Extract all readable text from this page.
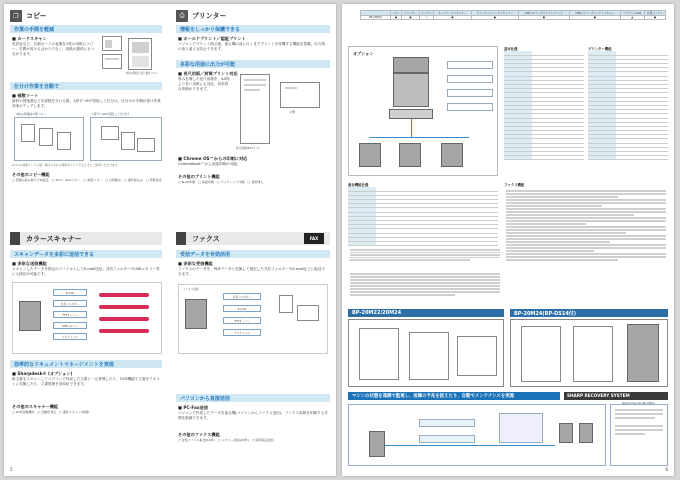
❐	コピー
作業の手間を軽減
■ カードスキャン
免許証など、名刺カードの表裏を1枚の用紙にコピー。手間が省けるばかりでなく、用紙の節約にもつながります。
1枚の用紙に表と裏をコピー
仕分け作業を自動で
■ 部数ソート
資料や提案書などを部数を分ける際、1部ずつ90°回転して仕分け。仕分けの手間が省け作業効率がアップします。
3枚の原稿を3部コピー	1部ずつ90°回転して仕分け
※ 2つの給紙トレイに縦・横それぞれの用紙をセットするときにご使用いただけます。
その他のコピー機能
□ 原稿の読み取り方向設定　□ 2in1・4in1コピー　□ 両面コピー　□ 白紙除去　□ 連続読込み　□ 部数指定
⎙	プリンター
情報をしっかり保護できる
■ ホールドプリント／認証プリント
パソコンでプリント指示後、複合機の前に行くまでプリントを待機する機能を搭載。出力物の取り違えも防止できます。
多彩な用途に出力が可能
■ 長尺用紙／封筒プリント対応
厚みを増した長尺用紙を、A3判より長い用紙にも対応。効率的な印刷ができます。
長尺用紙(B4サイズ)
封筒
■ Chrome OS™からの印刷に対応
Chromebook™から直接印刷が可能。
その他のプリント機能
□ N-UP印刷　□ 両面印刷　□ ブックレット印刷　□ 表紙挿入
カラースキャナー
スキャンデータを多彩に送信できる
■ 多彩な送信機能
スキャンしたデータを指定のファイルとしてE-mail送信。共有フォルダーやUSBメモリー等にも保存が可能です。
E-mail
共有フォルダー
FTPサーバー
USBメモリー
デスクトップ

効率的なドキュメントマネージメントを実現
■ Sharpdesk® (オプション)
紙文書をスキャンしてパソコンで作成した文書と一元管理したり、OCR機能で文書をテキストに変換したり、文書管理を効率化できます。
その他のスキャナー機能
□ OCR変換機能　□ 自動色判定　□ 連続スキャン(原稿)
ファクス	FAX
受信データを有効活用
■ 多彩な受信機能
ファクスのデータを、PDFデータと変換して指定した共有フォルダーやE-mailなどに転送できます。
ファクス受信
共有フォルダー
E-mail
FTPサーバー
デスクトップ
パソコンから直接送信
■ PC-Fax送信
パソコンで作成したデータを複合機(パソコンからファクス送信)。ファクス用紙を印刷する手間を削減できます。
その他のファクス機能
□ 受信ファイル転送(10件)　□ メモリー送信(20件)　□ 時刻指定送信
5
	コピー	プリンター	ファクス	ネットワークスキャナー	カラーネットワークスキャナー	USBメモリーダイレクトプリント	USBメモリーダイレクトスキャン	ワイヤレスLAN	拡張ファクス
BP-20M22	●	●	○	●	●	●	●	▲	●
オプション
基本仕様

		プリンター機能

複合機能仕様

		ファクス機能
BP-20M22/20M24	BP-20M24(BP-DS14付)
マシンの状態を遠隔で監視し、故障の予兆を捉えたり、自動でメンテナンスを実施	SHARP RECOVERY SYSTEM
6
